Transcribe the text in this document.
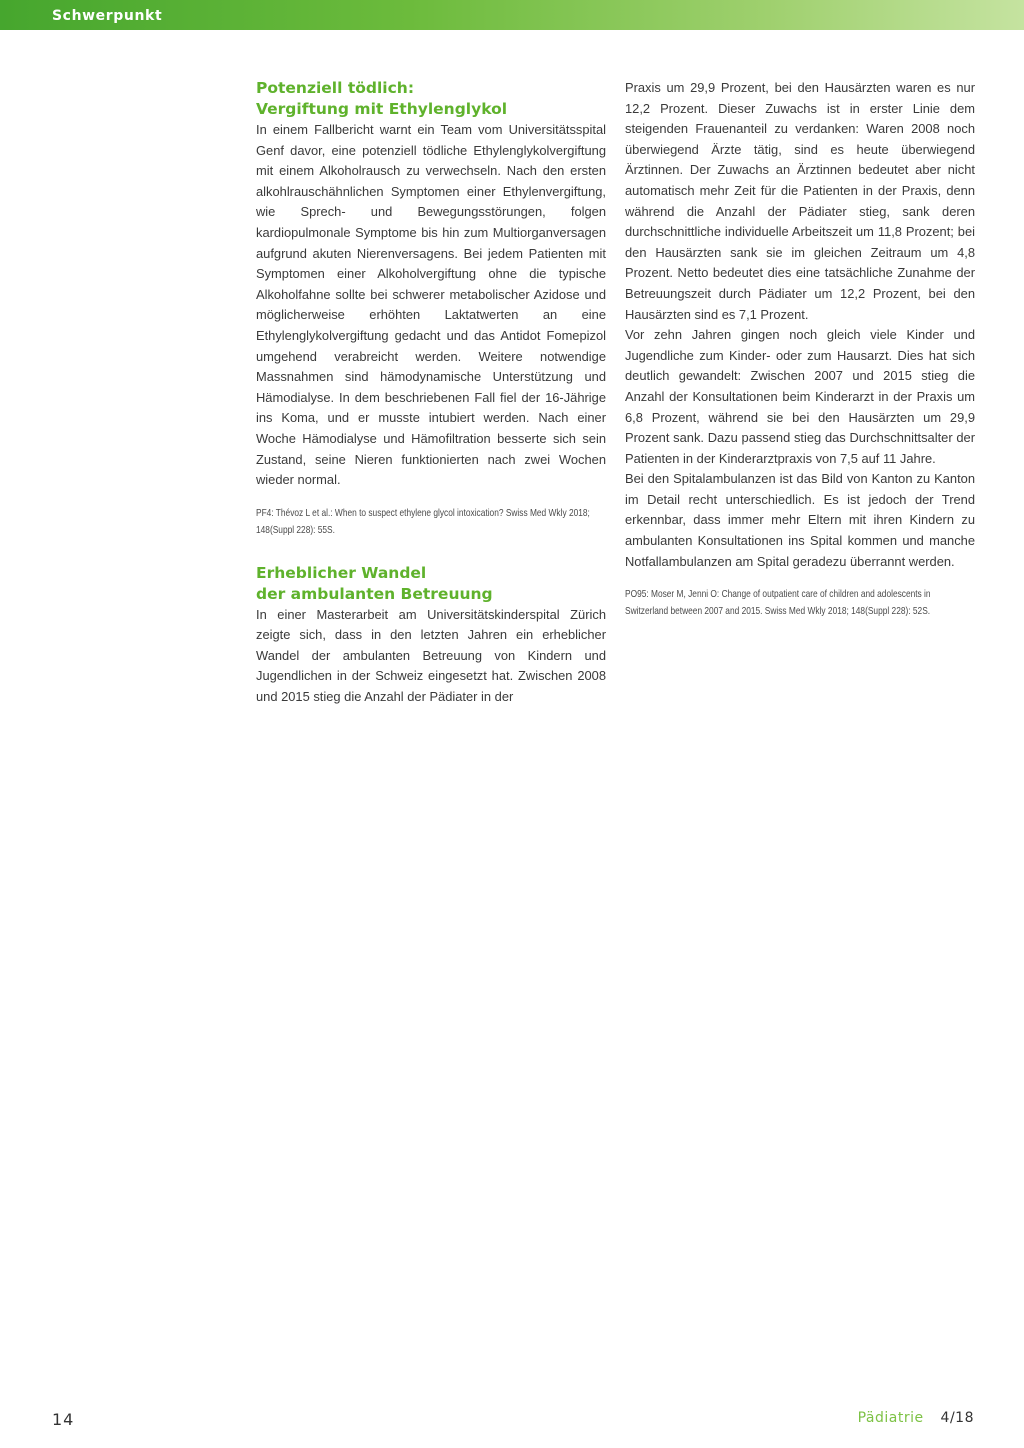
Schwerpunkt
Potenziell tödlich:
Vergiftung mit Ethylenglykol

In einem Fallbericht warnt ein Team vom Universitätsspital Genf davor, eine potenziell tödliche Ethylenglykolvergiftung mit einem Alkoholrausch zu verwechseln. Nach den ersten alkohlrauschähnlichen Symptomen einer Ethylenvergiftung, wie Sprech- und Bewegungsstörungen, folgen kardiopulmonale Symptome bis hin zum Multiorganversagen aufgrund akuten Nierenversagens. Bei jedem Patienten mit Symptomen einer Alkoholvergiftung ohne die typische Alkoholfahne sollte bei schwerer metabolischer Azidose und möglicherweise erhöhten Laktatwerten an eine Ethylenglykolvergiftung gedacht und das Antidot Fomepizol umgehend verabreicht werden. Weitere notwendige Massnahmen sind hämodynamische Unterstützung und Hämodialyse. In dem beschriebenen Fall fiel der 16-Jährige ins Koma, und er musste intubiert werden. Nach einer Woche Hämodialyse und Hämofiltration besserte sich sein Zustand, seine Nieren funktionierten nach zwei Wochen wieder normal.

PF4: Thévoz L et al.: When to suspect ethylene glycol intoxication? Swiss Med Wkly 2018; 148(Suppl 228): 55S.

Erheblicher Wandel
der ambulanten Betreuung

In einer Masterarbeit am Universitätskinderspital Zürich zeigte sich, dass in den letzten Jahren ein erheblicher Wandel der ambulanten Betreuung von Kindern und Jugendlichen in der Schweiz eingesetzt hat. Zwischen 2008 und 2015 stieg die Anzahl der Pädiater in der

Praxis um 29,9 Prozent, bei den Hausärzten waren es nur 12,2 Prozent. Dieser Zuwachs ist in erster Linie dem steigenden Frauenanteil zu verdanken: Waren 2008 noch überwiegend Ärzte tätig, sind es heute überwiegend Ärztinnen. Der Zuwachs an Ärztinnen bedeutet aber nicht automatisch mehr Zeit für die Patienten in der Praxis, denn während die Anzahl der Pädiater stieg, sank deren durchschnittliche individuelle Arbeitszeit um 11,8 Prozent; bei den Hausärzten sank sie im gleichen Zeitraum um 4,8 Prozent. Netto bedeutet dies eine tatsächliche Zunahme der Betreuungszeit durch Pädiater um 12,2 Prozent, bei den Hausärzten sind es 7,1 Prozent.

Vor zehn Jahren gingen noch gleich viele Kinder und Jugendliche zum Kinder- oder zum Hausarzt. Dies hat sich deutlich gewandelt: Zwischen 2007 und 2015 stieg die Anzahl der Konsultationen beim Kinderarzt in der Praxis um 6,8 Prozent, während sie bei den Hausärzten um 29,9 Prozent sank. Dazu passend stieg das Durchschnittsalter der Patienten in der Kinderarztpraxis von 7,5 auf 11 Jahre.

Bei den Spitalambulanzen ist das Bild von Kanton zu Kanton im Detail recht unterschiedlich. Es ist jedoch der Trend erkennbar, dass immer mehr Eltern mit ihren Kindern zu ambulanten Konsultationen ins Spital kommen und manche Notfallambulanzen am Spital geradezu überrannt werden.

PO95: Moser M, Jenni O: Change of outpatient care of children and adolescents in Switzerland between 2007 and 2015. Swiss Med Wkly 2018; 148(Suppl 228): 52S.

14	Pädiatrie 4/18
